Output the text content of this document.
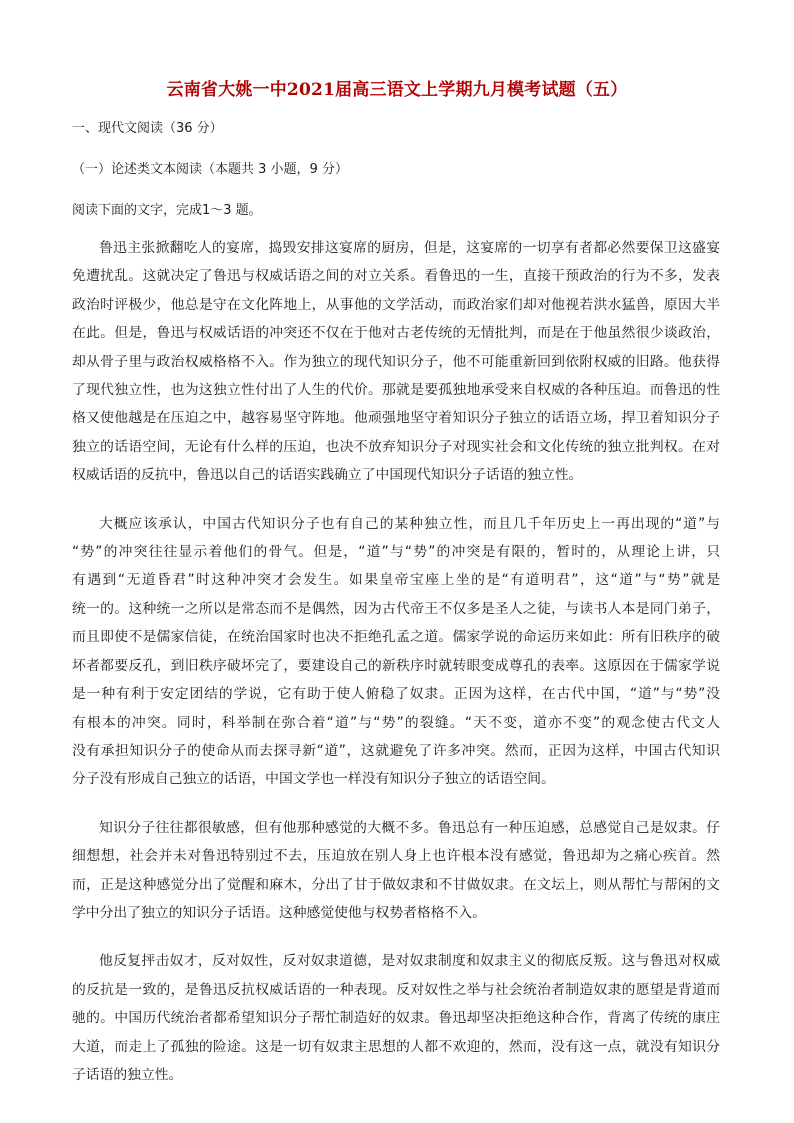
云南省大姚一中2021届高三语文上学期九月模考试题（五）
一、现代文阅读（36 分）
（一）论述类文本阅读（本题共 3 小题，9 分）
阅读下面的文字，完成1～3 题。
鲁迅主张掀翻吃人的宴席，捣毁安排这宴席的厨房，但是，这宴席的一切享有者都必然要保卫这盛宴
免遭扰乱。这就决定了鲁迅与权威话语之间的对立关系。看鲁迅的一生，直接干预政治的行为不多，发表
政治时评极少，他总是守在文化阵地上，从事他的文学活动，而政治家们却对他视若洪水猛兽，原因大半
在此。但是，鲁迅与权威话语的冲突还不仅在于他对古老传统的无情批判，而是在于他虽然很少谈政治，
却从骨子里与政治权威格格不入。作为独立的现代知识分子，他不可能重新回到依附权威的旧路。他获得
了现代独立性，也为这独立性付出了人生的代价。那就是要孤独地承受来自权威的各种压迫。而鲁迅的性
格又使他越是在压迫之中，越容易坚守阵地。他顽强地坚守着知识分子独立的话语立场，捍卫着知识分子
独立的话语空间，无论有什么样的压迫，也决不放弃知识分子对现实社会和文化传统的独立批判权。在对
权威话语的反抗中，鲁迅以自己的话语实践确立了中国现代知识分子话语的独立性。
大概应该承认，中国古代知识分子也有自己的某种独立性，而且几千年历史上一再出现的“道”与
“势”的冲突往往显示着他们的骨气。但是，“道”与“势”的冲突是有限的，暂时的，从理论上讲，只
有遇到“无道昏君”时这种冲突才会发生。如果皇帝宝座上坐的是“有道明君”，这“道”与“势”就是
统一的。这种统一之所以是常态而不是偶然，因为古代帝王不仅多是圣人之徒，与读书人本是同门弟子，
而且即使不是儒家信徒，在统治国家时也决不拒绝孔孟之道。儒家学说的命运历来如此：所有旧秩序的破
坏者都要反孔，到旧秩序破坏完了，要建设自己的新秩序时就转眼变成尊孔的表率。这原因在于儒家学说
是一种有利于安定团结的学说，它有助于使人俯稳了奴隶。正因为这样，在古代中国，“道”与“势”没
有根本的冲突。同时，科举制在弥合着“道”与“势”的裂缝。“天不变，道亦不变”的观念使古代文人
没有承担知识分子的使命从而去探寻新“道”，这就避免了许多冲突。然而，正因为这样，中国古代知识
分子没有形成自己独立的话语，中国文学也一样没有知识分子独立的话语空间。
知识分子往往都很敏感，但有他那种感觉的大概不多。鲁迅总有一种压迫感，总感觉自己是奴隶。仔
细想想，社会并未对鲁迅特别过不去，压迫放在别人身上也许根本没有感觉，鲁迅却为之痛心疾首。然
而，正是这种感觉分出了觉醒和麻木，分出了甘于做奴隶和不甘做奴隶。在文坛上，则从帮忙与帮闲的文
学中分出了独立的知识分子话语。这种感觉使他与权势者格格不入。
他反复抨击奴才，反对奴性，反对奴隶道德，是对奴隶制度和奴隶主义的彻底反叛。这与鲁迅对权威
的反抗是一致的，是鲁迅反抗权威话语的一种表现。反对奴性之举与社会统治者制造奴隶的愿望是背道而
驰的。中国历代统治者都希望知识分子帮忙制造好的奴隶。鲁迅却坚决拒绝这种合作，背离了传统的康庄
大道，而走上了孤独的险途。这是一切有奴隶主思想的人都不欢迎的，然而，没有这一点，就没有知识分
子话语的独立性。
